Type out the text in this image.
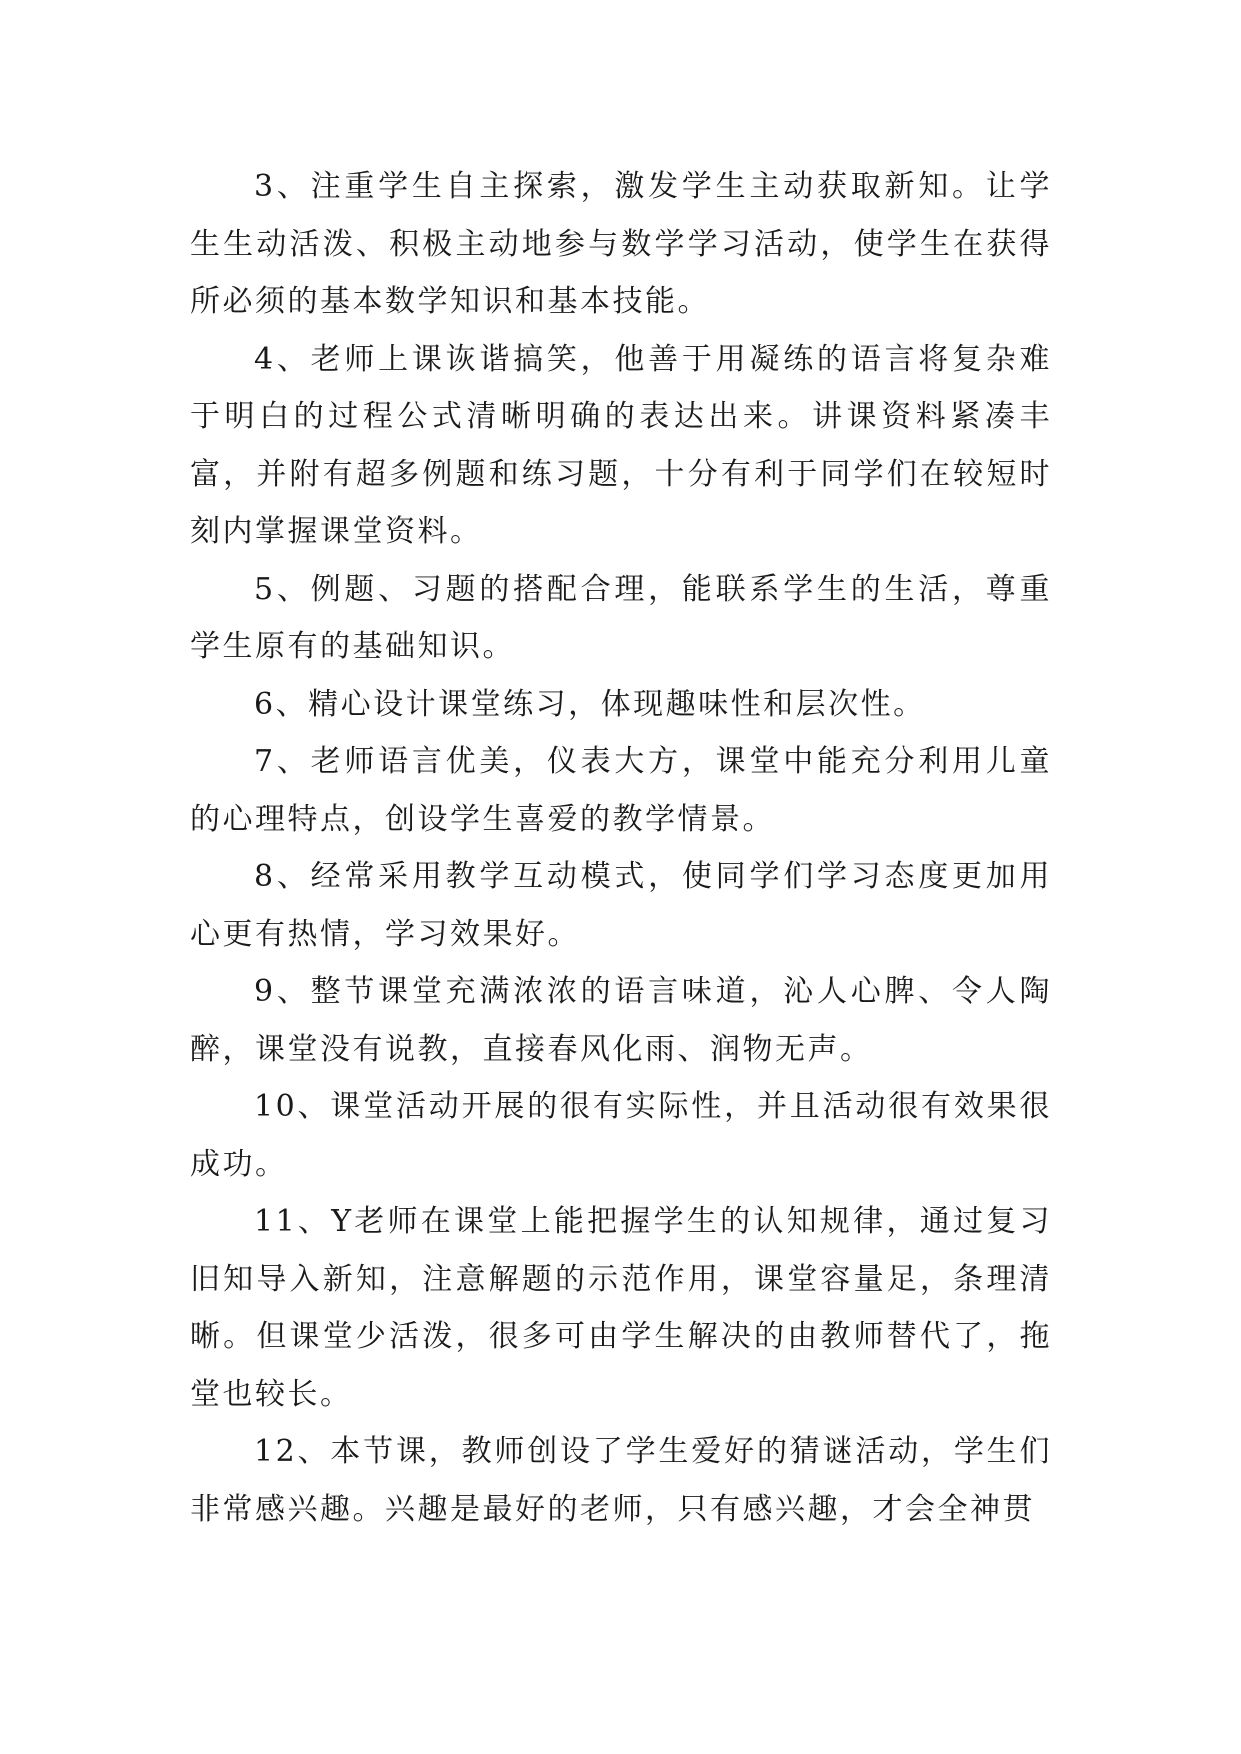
3、注重学生自主探索，激发学生主动获取新知。让学生生动活泼、积极主动地参与数学学习活动，使学生在获得所必须的基本数学知识和基本技能。

4、老师上课诙谐搞笑，他善于用凝练的语言将复杂难于明白的过程公式清晰明确的表达出来。讲课资料紧凑丰富，并附有超多例题和练习题，十分有利于同学们在较短时刻内掌握课堂资料。

5、例题、习题的搭配合理，能联系学生的生活，尊重学生原有的基础知识。

6、精心设计课堂练习，体现趣味性和层次性。

7、老师语言优美，仪表大方，课堂中能充分利用儿童的心理特点，创设学生喜爱的教学情景。

8、经常采用教学互动模式，使同学们学习态度更加用心更有热情，学习效果好。

9、整节课堂充满浓浓的语言味道，沁人心脾、令人陶醉，课堂没有说教，直接春风化雨、润物无声。

10、课堂活动开展的很有实际性，并且活动很有效果很成功。

11、Y老师在课堂上能把握学生的认知规律，通过复习旧知导入新知，注意解题的示范作用，课堂容量足，条理清晰。但课堂少活泼，很多可由学生解决的由教师替代了，拖堂也较长。

12、本节课，教师创设了学生爱好的猜谜活动，学生们非常感兴趣。兴趣是最好的老师，只有感兴趣，才会全神贯
